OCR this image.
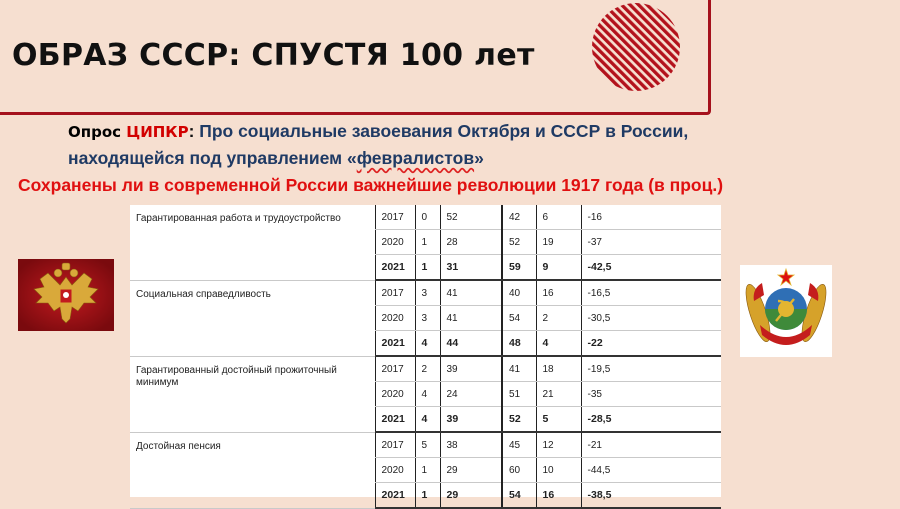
ОБРАЗ СССР: СПУСТЯ 100 лет
Опрос ЦИПКР: Про социальные завоевания Октября и СССР в России,
находящейся под управлением «февралистов»
Сохранены ли в современной России важнейшие революции 1917 года (в проц.)
Гарантированная работа и трудоустройство	2017	0	52	42	6	-16
	2020	1	28	52	19	-37
	2021	1	31	59	9	-42,5
Социальная справедливость	2017	3	41	40	16	-16,5
	2020	3	41	54	2	-30,5
	2021	4	44	48	4	-22
Гарантированный достойный прожиточный минимум	2017	2	39	41	18	-19,5
	2020	4	24	51	21	-35
	2021	4	39	52	5	-28,5
Достойная пенсия	2017	5	38	45	12	-21
	2020	1	29	60	10	-44,5
	2021	1	29	54	16	-38,5
